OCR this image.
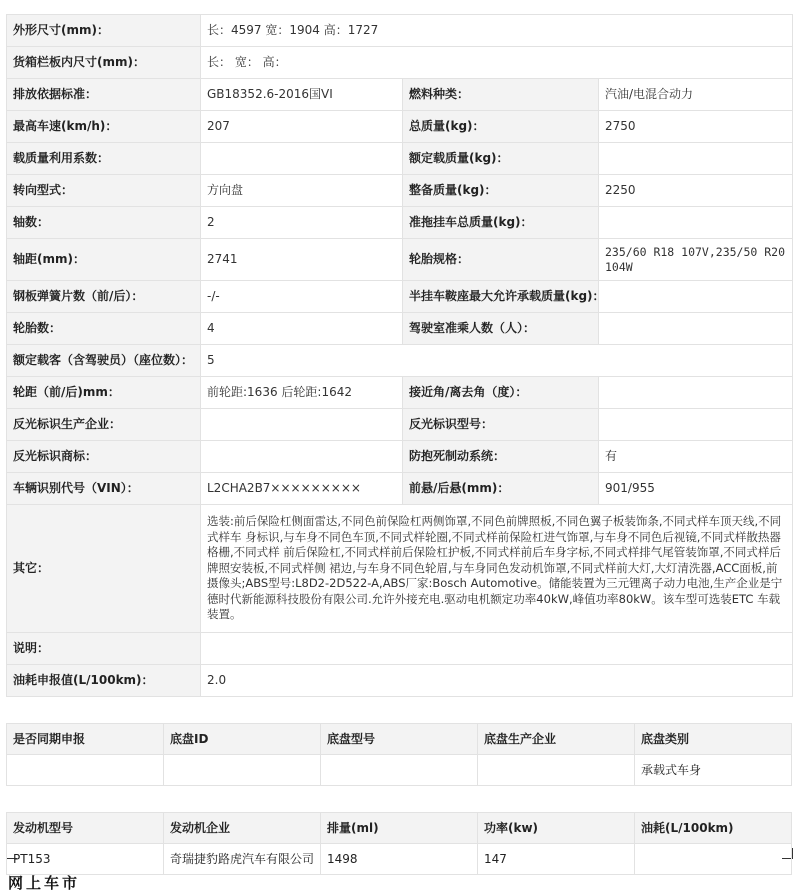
外形尺寸(mm)：	长：4597 宽：1904 高：1727		
货箱栏板内尺寸(mm)：	长： 宽： 高：		
排放依据标准：	GB18352.6-2016国VI	燃料种类：	汽油/电混合动力
最高车速(km/h)：	207	总质量(kg)：	2750
载质量利用系数：		额定载质量(kg)：	
转向型式：	方向盘	整备质量(kg)：	2250
轴数：	2	准拖挂车总质量(kg)：	
轴距(mm)：	2741	轮胎规格：	235/60 R18 107V,235/50 R20 104W
钢板弹簧片数（前/后）：	-/-	半挂车鞍座最大允许承载质量(kg)：	
轮胎数：	4	驾驶室准乘人数（人）：	
额定载客（含驾驶员）（座位数）：	5		
轮距（前/后)mm：	前轮距:1636 后轮距:1642	接近角/离去角（度）：	
反光标识生产企业：		反光标识型号：	
反光标识商标：		防抱死制动系统：	有
车辆识别代号（VIN）：	L2CHA2B7×××××××××	前悬/后悬(mm)：	901/955
其它：	选装:前后保险杠侧面雷达,不同色前保险杠两侧饰罩,不同色前牌照板,不同色翼子板装饰条,不同式样车顶天线,不同式样车 身标识,与车身不同色车顶,不同式样轮圈,不同式样前保险杠进气饰罩,与车身不同色后视镜,不同式样散热器格栅,不同式样 前后保险杠,不同式样前后保险杠护板,不同式样前后车身字标,不同式样排气尾管装饰罩,不同式样后牌照安装板,不同式样侧 裙边,与车身不同色轮眉,与车身同色发动机饰罩,不同式样前大灯,大灯清洗器,ACC面板,前摄像头;ABS型号:L8D2-2D522-A,ABS厂家:Bosch Automotive。储能装置为三元锂离子动力电池,生产企业是宁德时代新能源科技股份有限公司.允许外接充电.驱动电机额定功率40kW,峰值功率80kW。该车型可选装ETC 车载装置。		
说明：			
油耗申报值(L/100km)：	2.0		
是否同期申报	底盘ID	底盘型号	底盘生产企业	底盘类别
				承载式车身
发动机型号	发动机企业	排量(ml)	功率(kw)	油耗(L/100km)
PT153	奇瑞捷豹路虎汽车有限公司	1498	147	
网上车市
